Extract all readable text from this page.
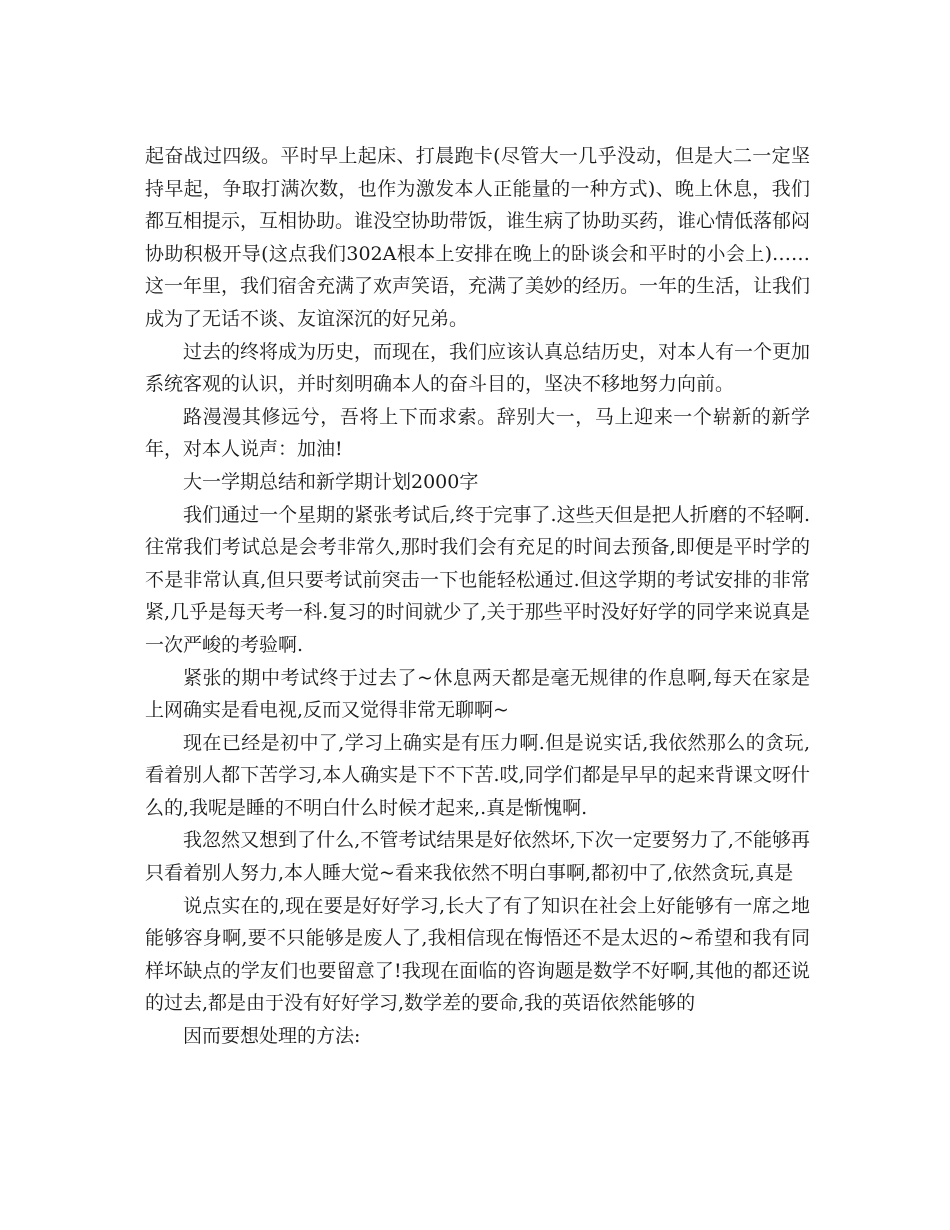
起奋战过四级。平时早上起床、打晨跑卡(尽管大一几乎没动，但是大二一定坚持早起，争取打满次数，也作为激发本人正能量的一种方式)、晚上休息，我们都互相提示，互相协助。谁没空协助带饭，谁生病了协助买药，谁心情低落郁闷协助积极开导(这点我们302A根本上安排在晚上的卧谈会和平时的小会上)……这一年里，我们宿舍充满了欢声笑语，充满了美妙的经历。一年的生活，让我们成为了无话不谈、友谊深沉的好兄弟。

过去的终将成为历史，而现在，我们应该认真总结历史，对本人有一个更加系统客观的认识，并时刻明确本人的奋斗目的，坚决不移地努力向前。

路漫漫其修远兮，吾将上下而求索。辞别大一，马上迎来一个崭新的新学年，对本人说声：加油!

大一学期总结和新学期计划2000字

我们通过一个星期的紧张考试后,终于完事了.这些天但是把人折磨的不轻啊.往常我们考试总是会考非常久,那时我们会有充足的时间去预备,即便是平时学的不是非常认真,但只要考试前突击一下也能轻松通过.但这学期的考试安排的非常紧,几乎是每天考一科.复习的时间就少了,关于那些平时没好好学的同学来说真是一次严峻的考验啊.

紧张的期中考试终于过去了~休息两天都是毫无规律的作息啊,每天在家是上网确实是看电视,反而又觉得非常无聊啊~

现在已经是初中了,学习上确实是有压力啊.但是说实话,我依然那么的贪玩,看着别人都下苦学习,本人确实是下不下苦.哎,同学们都是早早的起来背课文呀什么的,我呢是睡的不明白什么时候才起来,.真是惭愧啊.

我忽然又想到了什么,不管考试结果是好依然坏,下次一定要努力了,不能够再只看着别人努力,本人睡大觉~看来我依然不明白事啊,都初中了,依然贪玩,真是

说点实在的,现在要是好好学习,长大了有了知识在社会上好能够有一席之地能够容身啊,要不只能够是废人了,我相信现在悔悟还不是太迟的~希望和我有同样坏缺点的学友们也要留意了!我现在面临的咨询题是数学不好啊,其他的都还说的过去,都是由于没有好好学习,数学差的要命,我的英语依然能够的

因而要想处理的方法:
